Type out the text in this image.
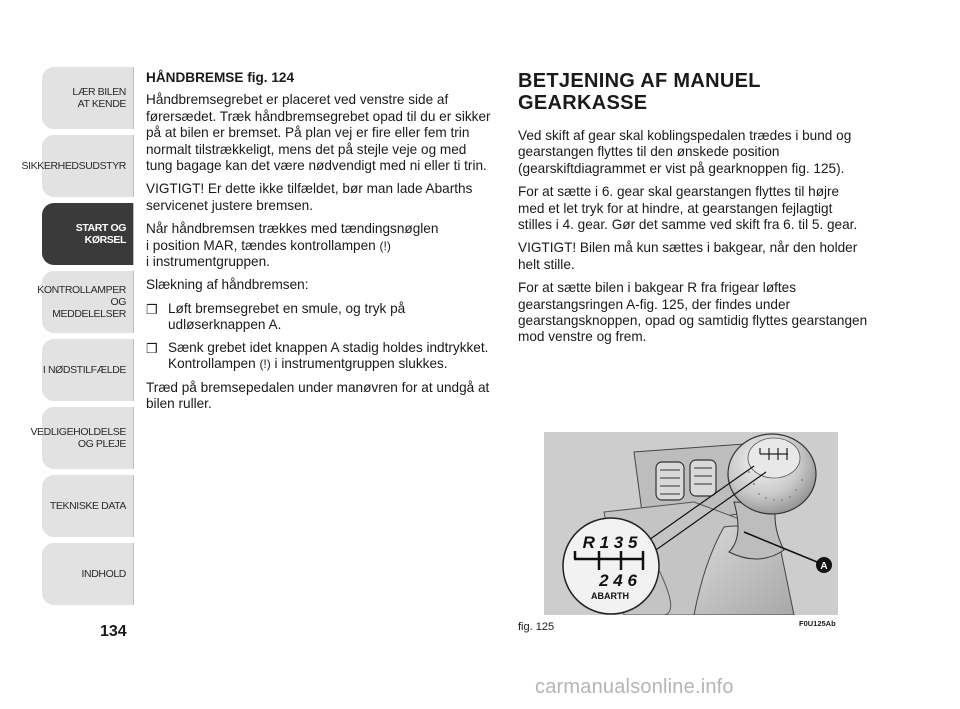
LÆR BILEN
AT KENDE
SIKKERHEDSUDSTYR
START OG KØRSEL
KONTROLLAMPER
OG MEDDELELSER
I NØDSTILFÆLDE
VEDLIGEHOLDELSE
OG PLEJE
TEKNISKE DATA
INDHOLD
134

HÅNDBREMSE fig. 124

Håndbremsegrebet er placeret ved venstre side af førersædet. Træk håndbremsegrebet opad til du er sikker på at bilen er bremset. På plan vej er fire eller fem trin normalt tilstrækkeligt, mens det på stejle veje og med tung bagage kan det være nødvendigt med ni eller ti trin.

VIGTIGT! Er dette ikke tilfældet, bør man lade Abarths servicenet justere bremsen.

Når håndbremsen trækkes med tændingsnøglen
i position MAR, tændes kontrollampen (!)
i instrumentgruppen.

Slækning af håndbremsen:

❒ Løft bremsegrebet en smule, og tryk på udløserknappen A.
❒ Sænk grebet idet knappen A stadig holdes indtrykket. Kontrollampen (!) i instrumentgruppen slukkes.

Træd på bremsepedalen under manøvren for at undgå at bilen ruller.

BETJENING AF MANUEL GEARKASSE

Ved skift af gear skal koblingspedalen trædes i bund og gearstangen flyttes til den ønskede position (gearskiftdiagrammet er vist på gearknoppen fig. 125).

For at sætte i 6. gear skal gearstangen flyttes til højre med et let tryk for at hindre, at gearstangen fejlagtigt stilles i 4. gear. Gør det samme ved skift fra 6. til 5. gear.

VIGTIGT! Bilen må kun sættes i bakgear, når den holder helt stille.

For at sætte bilen i bakgear R fra frigear løftes gearstangsringen A-fig. 125, der findes under gearstangsknoppen, opad og samtidig flyttes gearstangen mod venstre og frem.

R 1 3 5
2 4 6
ABARTH
A
fig. 125	F0U125Ab
carmanualsonline.info
